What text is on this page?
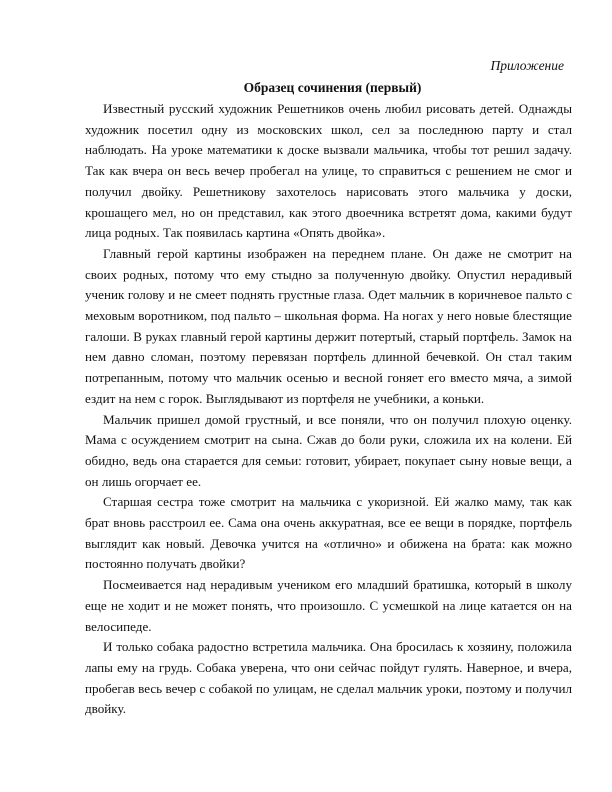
Приложение

Образец сочинения (первый)

Известный русский художник Решетников очень любил рисовать детей. Однажды художник посетил одну из московских школ, сел за последнюю парту и стал наблюдать. На уроке математики к доске вызвали мальчика, чтобы тот решил задачу. Так как вчера он весь вечер пробегал на улице, то справиться с решением не смог и получил двойку. Решетникову захотелось нарисовать этого мальчика у доски, крошащего мел, но он представил, как этого двоечника встретят дома, какими будут лица родных. Так появилась картина «Опять двойка».

Главный герой картины изображен на переднем плане. Он даже не смотрит на своих родных, потому что ему стыдно за полученную двойку. Опустил нерадивый ученик голову и не смеет поднять грустные глаза. Одет мальчик в коричневое пальто с меховым воротником, под пальто – школьная форма. На ногах у него новые блестящие галоши. В руках главный герой картины держит потертый, старый портфель. Замок на нем давно сломан, поэтому перевязан портфель длинной бечевкой. Он стал таким потрепанным, потому что мальчик осенью и весной гоняет его вместо мяча, а зимой ездит на нем с горок. Выглядывают из портфеля не учебники, а коньки.

Мальчик пришел домой грустный, и все поняли, что он получил плохую оценку. Мама с осуждением смотрит на сына. Сжав до боли руки, сложила их на колени. Ей обидно, ведь она старается для семьи: готовит, убирает, покупает сыну новые вещи, а он лишь огорчает ее.

Старшая сестра тоже смотрит на мальчика с укоризной. Ей жалко маму, так как брат вновь расстроил ее. Сама она очень аккуратная, все ее вещи в порядке, портфель выглядит как новый. Девочка учится на «отлично» и обижена на брата: как можно постоянно получать двойки?

Посмеивается над нерадивым учеником его младший братишка, который в школу еще не ходит и не может понять, что произошло. С усмешкой на лице катается он на велосипеде.

И только собака радостно встретила мальчика. Она бросилась к хозяину, положила лапы ему на грудь. Собака уверена, что они сейчас пойдут гулять. Наверное, и вчера, пробегав весь вечер с собакой по улицам, не сделал мальчик уроки, поэтому и получил двойку.
